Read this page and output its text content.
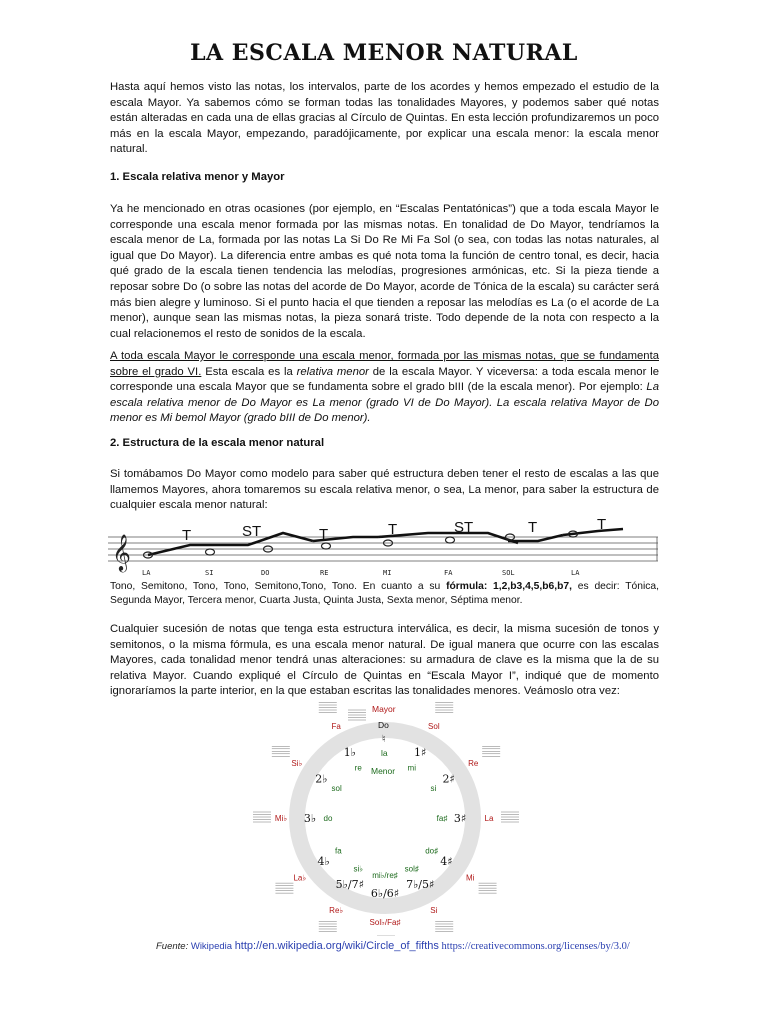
LA ESCALA MENOR NATURAL

Hasta aquí hemos visto las notas, los intervalos, parte de los acordes y hemos empezado el estudio de la escala Mayor. Ya sabemos cómo se forman todas las tonalidades Mayores, y podemos saber qué notas están alteradas en cada una de ellas gracias al Círculo de Quintas. En esta lección profundizaremos un poco más en la escala Mayor, empezando, paradójicamente, por explicar una escala menor: la escala menor natural.

1. Escala relativa menor y Mayor

Ya he mencionado en otras ocasiones (por ejemplo, en “Escalas Pentatónicas”) que a toda escala Mayor le corresponde una escala menor formada por las mismas notas. En tonalidad de Do Mayor, tendríamos la escala menor de La, formada por las notas La Si Do Re Mi Fa Sol (o sea, con todas las notas naturales, al igual que Do Mayor). La diferencia entre ambas es qué nota toma la función de centro tonal, es decir, hacia qué grado de la escala tienen tendencia las melodías, progresiones armónicas, etc. Si la pieza tiende a reposar sobre Do (o sobre las notas del acorde de Do Mayor, acorde de Tónica de la escala) su carácter será más bien alegre y luminoso. Si el punto hacia el que tienden a reposar las melodías es La (o el acorde de La menor), aunque sean las mismas notas, la pieza sonará triste. Todo depende de la nota con respecto a la cual relacionemos el resto de sonidos de la escala.

A toda escala Mayor le corresponde una escala menor, formada por las mismas notas, que se fundamenta sobre el grado VI. Esta escala es la relativa menor de la escala Mayor. Y viceversa: a toda escala menor le corresponde una escala Mayor que se fundamenta sobre el grado bIII (de la escala menor). Por ejemplo: La escala relativa menor de Do Mayor es La menor (grado VI de Do Mayor). La escala relativa Mayor de Do menor es Mi bemol Mayor (grado bIII de Do menor).

2. Estructura de la escala menor natural

Si tomábamos Do Mayor como modelo para saber qué estructura deben tener el resto de escalas a las que llamemos Mayores, ahora tomaremos su escala relativa menor, o sea, La menor, para saber la estructura de cualquier escala menor natural:

𝄞	T	ST	T	T	ST	T	T
LA	SI	DO	RE	MI	FA	SOL	LA

Tono, Semitono, Tono, Tono, Semitono,Tono, Tono. En cuanto a su fórmula: 1,2,b3,4,5,b6,b7, es decir: Tónica, Segunda Mayor, Tercera menor, Cuarta Justa, Quinta Justa, Sexta menor, Séptima menor.

Cualquier sucesión de notas que tenga esta estructura interválica, es decir, la misma sucesión de tonos y semitonos, o la misma fórmula, es una escala menor natural. De igual manera que ocurre con las escalas Mayores, cada tonalidad menor tendrá unas alteraciones: su armadura de clave es la misma que la de su relativa Mayor. Cuando expliqué el Círculo de Quintas en “Escala Mayor I”, indiqué que de momento ignoraríamos la parte interior, en la que estaban escritas las tonalidades menores. Veámoslo otra vez:

Mayor
Do
♮
la
Menor
1♭
re
Fa
2♭
sol
Si♭
3♭ do
Mi♭
4♭
fa
La♭
5♭/7♯
si♭
Re♭
6♭/6♯
mi♭/re♯
Sol♭/Fa♯
7♭/5♯
sol♯
Si
4♯
do♯
Mi
3♯
fa♯	La
2♯
si
Re
1♯
mi
Sol
Fuente: Wikipedia http://en.wikipedia.org/wiki/Circle_of_fifths https://creativecommons.org/licenses/by/3.0/
